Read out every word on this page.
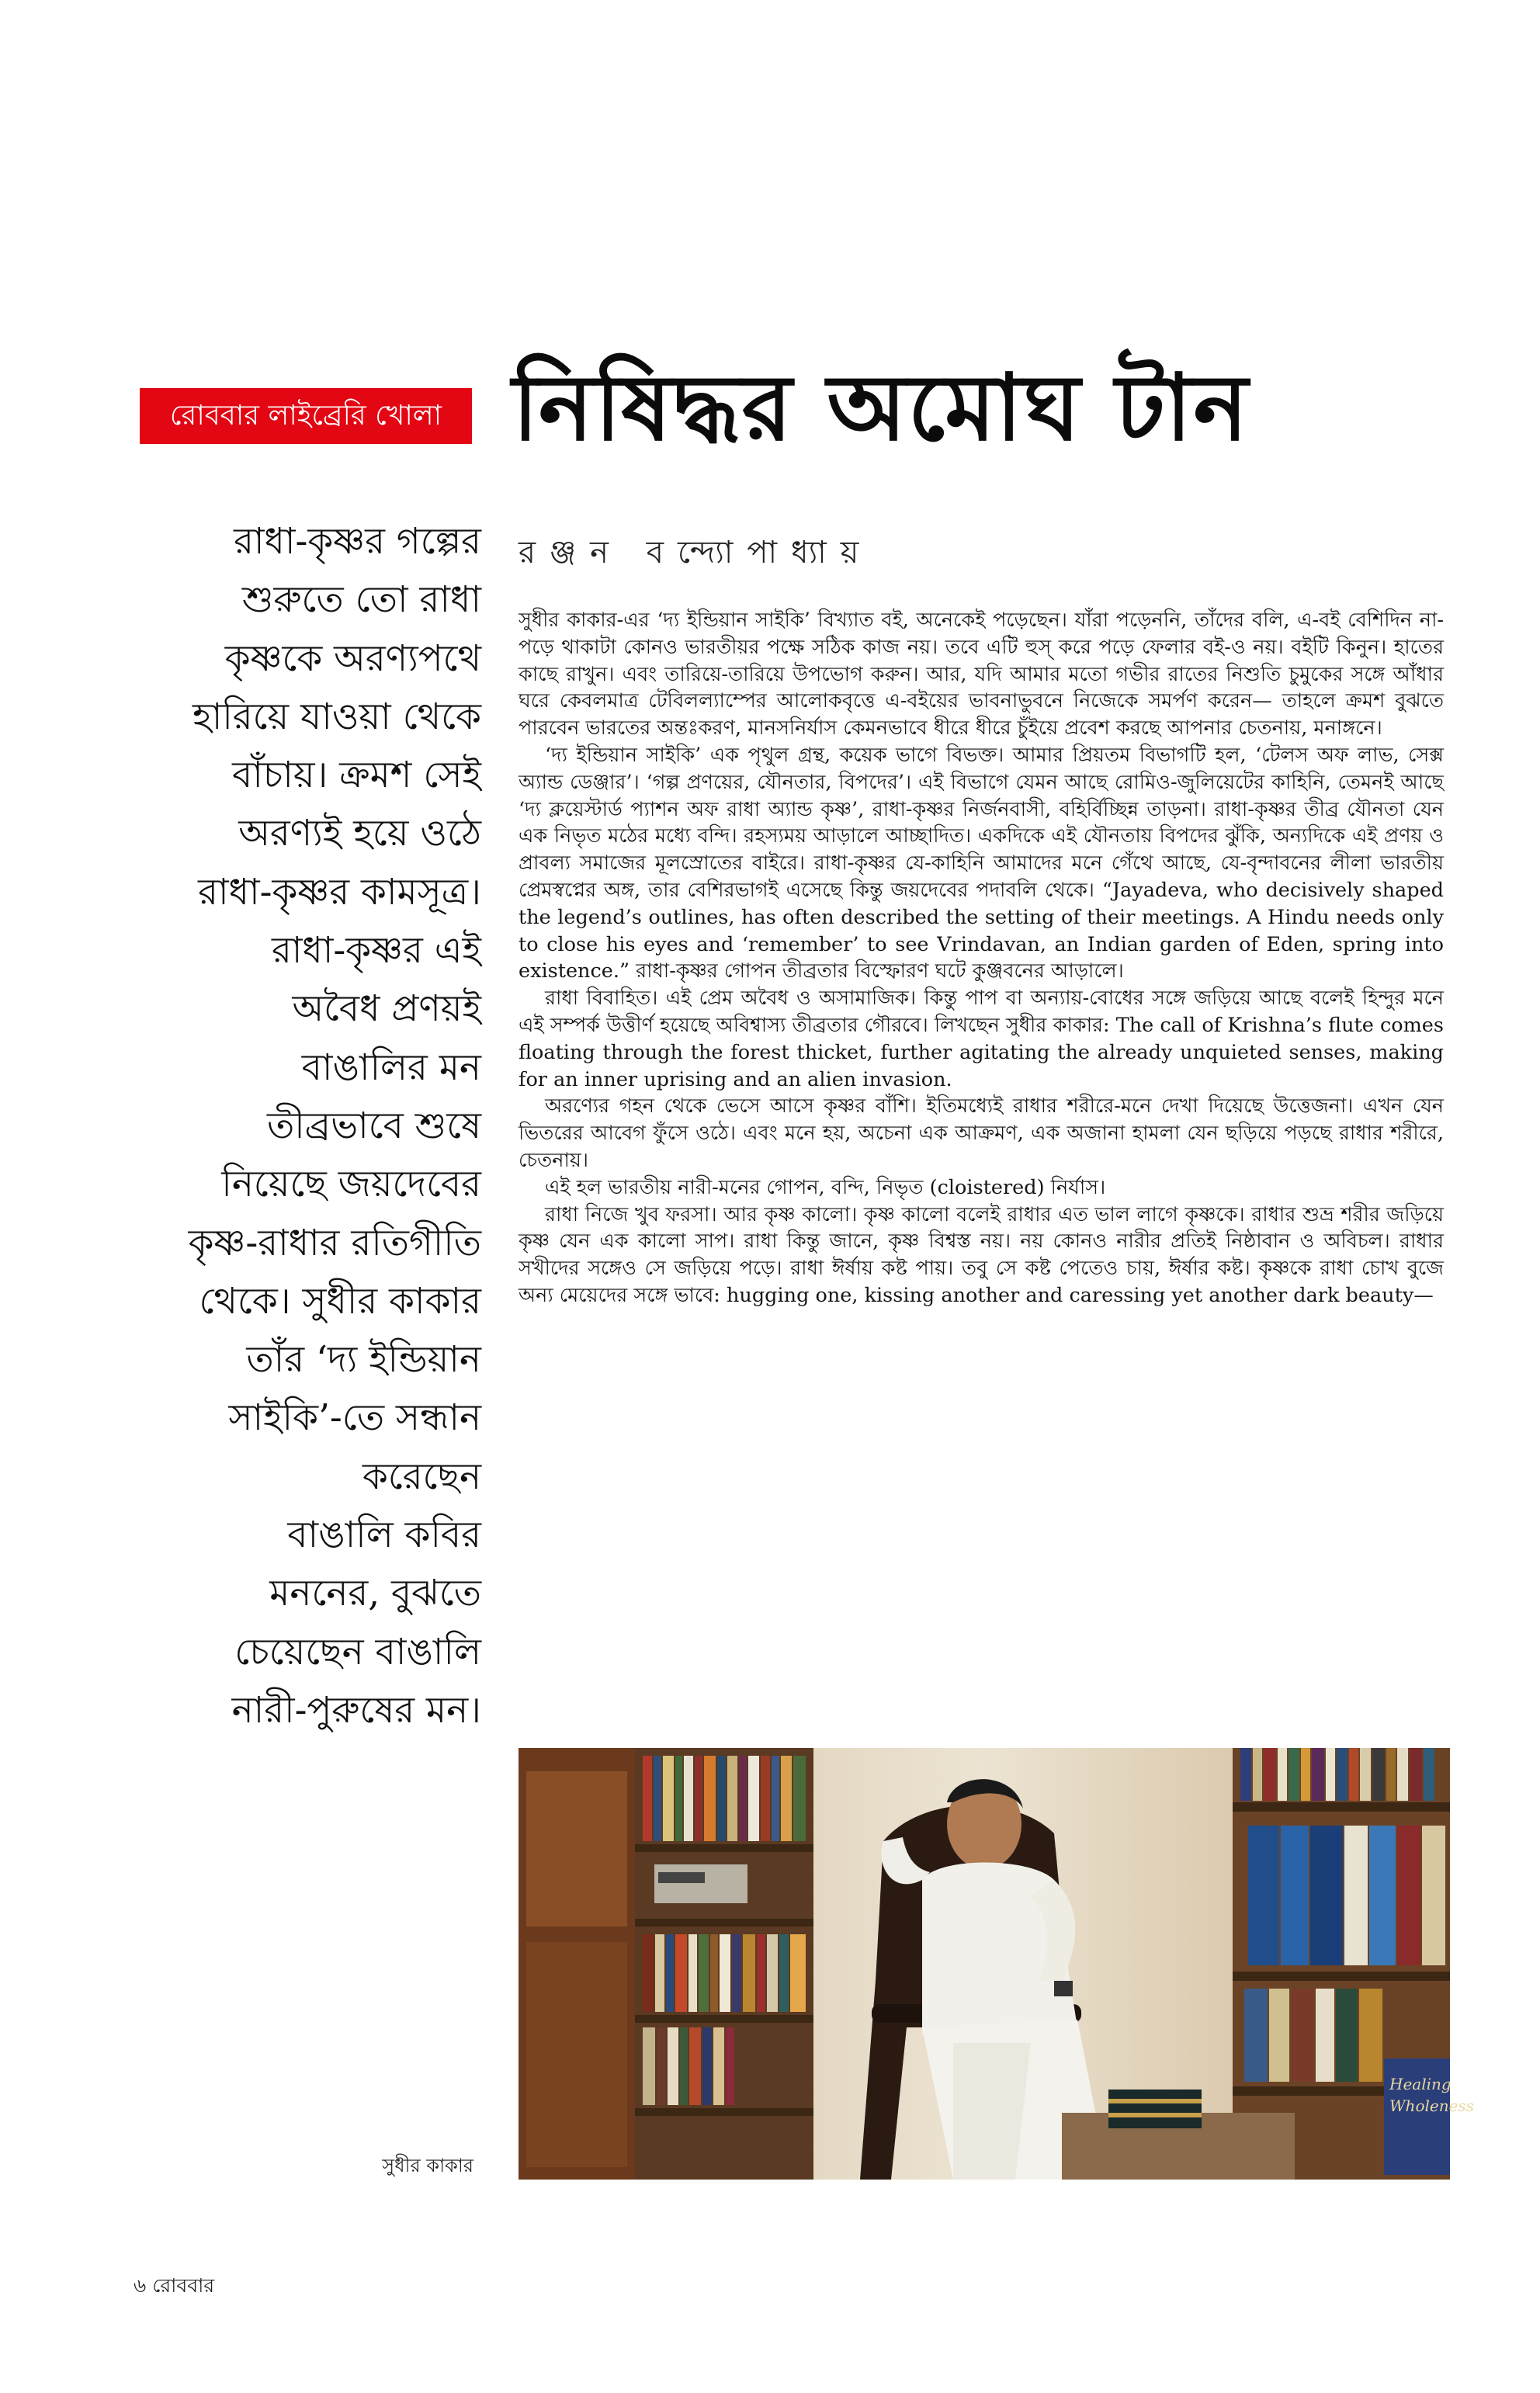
রোববার লাইব্রেরি খোলা নিষিদ্ধর অমোঘ টান
রঞ্জন বন্দ্যোপাধ্যায়
রাধা-কৃষ্ণর গল্পের
শুরুতে তো রাধা
কৃষ্ণকে অরণ্যপথে
হারিয়ে যাওয়া থেকে
বাঁচায়। ক্রমশ সেই
অরণ্যই হয়ে ওঠে
রাধা-কৃষ্ণর কামসূত্র।
রাধা-কৃষ্ণর এই
অবৈধ প্রণয়ই
বাঙালির মন
তীব্রভাবে শুষে
নিয়েছে জয়দেবের
কৃষ্ণ-রাধার রতিগীতি
থেকে। সুধীর কাকার
তাঁর ‘দ্য ইন্ডিয়ান
সাইকি’-তে সন্ধান
করেছেন
বাঙালি কবির
মননের, বুঝতে
চেয়েছেন বাঙালি
নারী-পুরুষের মন।

সুধীর কাকার-এর ‘দ্য ইন্ডিয়ান সাইকি’ বিখ্যাত বই, অনেকেই পড়েছেন। যাঁরা পড়েননি, তাঁদের বলি, এ-বই বেশিদিন না-পড়ে থাকাটা কোনও ভারতীয়র পক্ষে সঠিক কাজ নয়। তবে এটি হুস্ করে পড়ে ফেলার বই-ও নয়। বইটি কিনুন। হাতের কাছে রাখুন। এবং তারিয়ে-তারিয়ে উপভোগ করুন। আর, যদি আমার মতো গভীর রাতের নিশুতি চুমুকের সঙ্গে আঁধার ঘরে কেবলমাত্র টেবিলল্যাম্পের আলোকবৃত্তে এ-বইয়ের ভাবনাভুবনে নিজেকে সমর্পণ করেন— তাহলে ক্রমশ বুঝতে পারবেন ভারতের অন্তঃকরণ, মানসনির্যাস কেমনভাবে ধীরে ধীরে চুঁইয়ে প্রবেশ করছে আপনার চেতনায়, মনাঙ্গনে।

‘দ্য ইন্ডিয়ান সাইকি’ এক পৃথুল গ্রন্থ, কয়েক ভাগে বিভক্ত। আমার প্রিয়তম বিভাগটি হল, ‘টেলস অফ লাভ, সেক্স অ্যান্ড ডেঞ্জার’। ‘গল্প প্রণয়ের, যৌনতার, বিপদের’। এই বিভাগে যেমন আছে রোমিও-জুলিয়েটের কাহিনি, তেমনই আছে ‘দ্য ক্লয়েস্টার্ড প্যাশন অফ রাধা অ্যান্ড কৃষ্ণ’, রাধা-কৃষ্ণর নির্জনবাসী, বহির্বিচ্ছিন্ন তাড়না। রাধা-কৃষ্ণর তীব্র যৌনতা যেন এক নিভৃত মঠের মধ্যে বন্দি। রহস্যময় আড়ালে আচ্ছাদিত। একদিকে এই যৌনতায় বিপদের ঝুঁকি, অন্যদিকে এই প্রণয় ও প্রাবল্য সমাজের মূলস্রোতের বাইরে। রাধা-কৃষ্ণর যে-কাহিনি আমাদের মনে গেঁথে আছে, যে-বৃন্দাবনের লীলা ভারতীয় প্রেমস্বপ্নের অঙ্গ, তার বেশিরভাগই এসেছে কিন্তু জয়দেবের পদাবলি থেকে। “Jayadeva, who decisively shaped the legend’s outlines, has often described the setting of their meetings. A Hindu needs only to close his eyes and ‘remember’ to see Vrindavan, an Indian garden of Eden, spring into existence.” রাধা-কৃষ্ণর গোপন তীব্রতার বিস্ফোরণ ঘটে কুঞ্জবনের আড়ালে।

রাধা বিবাহিত। এই প্রেম অবৈধ ও অসামাজিক। কিন্তু পাপ বা অন্যায়-বোধের সঙ্গে জড়িয়ে আছে বলেই হিন্দুর মনে এই সম্পর্ক উত্তীর্ণ হয়েছে অবিশ্বাস্য তীব্রতার গৌরবে। লিখছেন সুধীর কাকার: The call of Krishna’s flute comes floating through the forest thicket, further agitating the already unquieted senses, making for an inner uprising and an alien invasion.

অরণ্যের গহন থেকে ভেসে আসে কৃষ্ণর বাঁশি। ইতিমধ্যেই রাধার শরীরে-মনে দেখা দিয়েছে উত্তেজনা। এখন যেন ভিতরের আবেগ ফুঁসে ওঠে। এবং মনে হয়, অচেনা এক আক্রমণ, এক অজানা হামলা যেন ছড়িয়ে পড়ছে রাধার শরীরে, চেতনায়।

এই হল ভারতীয় নারী-মনের গোপন, বন্দি, নিভৃত (cloistered) নির্যাস।

রাধা নিজে খুব ফরসা। আর কৃষ্ণ কালো। কৃষ্ণ কালো বলেই রাধার এত ভাল লাগে কৃষ্ণকে। রাধার শুভ্র শরীর জড়িয়ে কৃষ্ণ যেন এক কালো সাপ। রাধা কিন্তু জানে, কৃষ্ণ বিশ্বস্ত নয়। নয় কোনও নারীর প্রতিই নিষ্ঠাবান ও অবিচল। রাধার সখীদের সঙ্গেও সে জড়িয়ে পড়ে। রাধা ঈর্ষায় কষ্ট পায়। তবু সে কষ্ট পেতেও চায়, ঈর্ষার কষ্ট। কৃষ্ণকে রাধা চোখ বুজে অন্য মেয়েদের সঙ্গে ভাবে: hugging one, kissing another and caressing yet another dark beauty—

Healing
Wholeness
সুধীর কাকার
৬ রোববার
